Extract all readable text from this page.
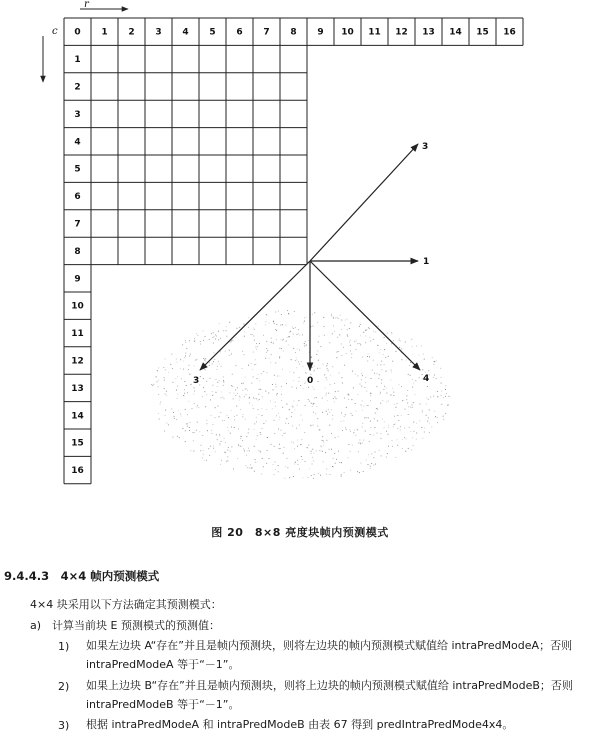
0 1 2 3 4 5 6 7 8 9 10 11 12 13 14 15 16
1
2
3
4
5
6
7
8
9
10
11
12
13
14
15
16
r
c
3
1
3	0	4
图 20　8×8 亮度块帧内预测模式
9.4.4.3　4×4 帧内预测模式
4×4 块采用以下方法确定其预测模式：
a)　计算当前块 E 预测模式的预测值：
1) 如果左边块 A“存在”并且是帧内预测块，则将左边块的帧内预测模式赋值给 intraPredModeA；否则 intraPredModeA 等于“－1”。
2) 如果上边块 B“存在”并且是帧内预测块，则将上边块的帧内预测模式赋值给 intraPredModeB；否则 intraPredModeB 等于“－1”。
3) 根据 intraPredModeA 和 intraPredModeB 由表 67 得到 predIntraPredMode4x4。
